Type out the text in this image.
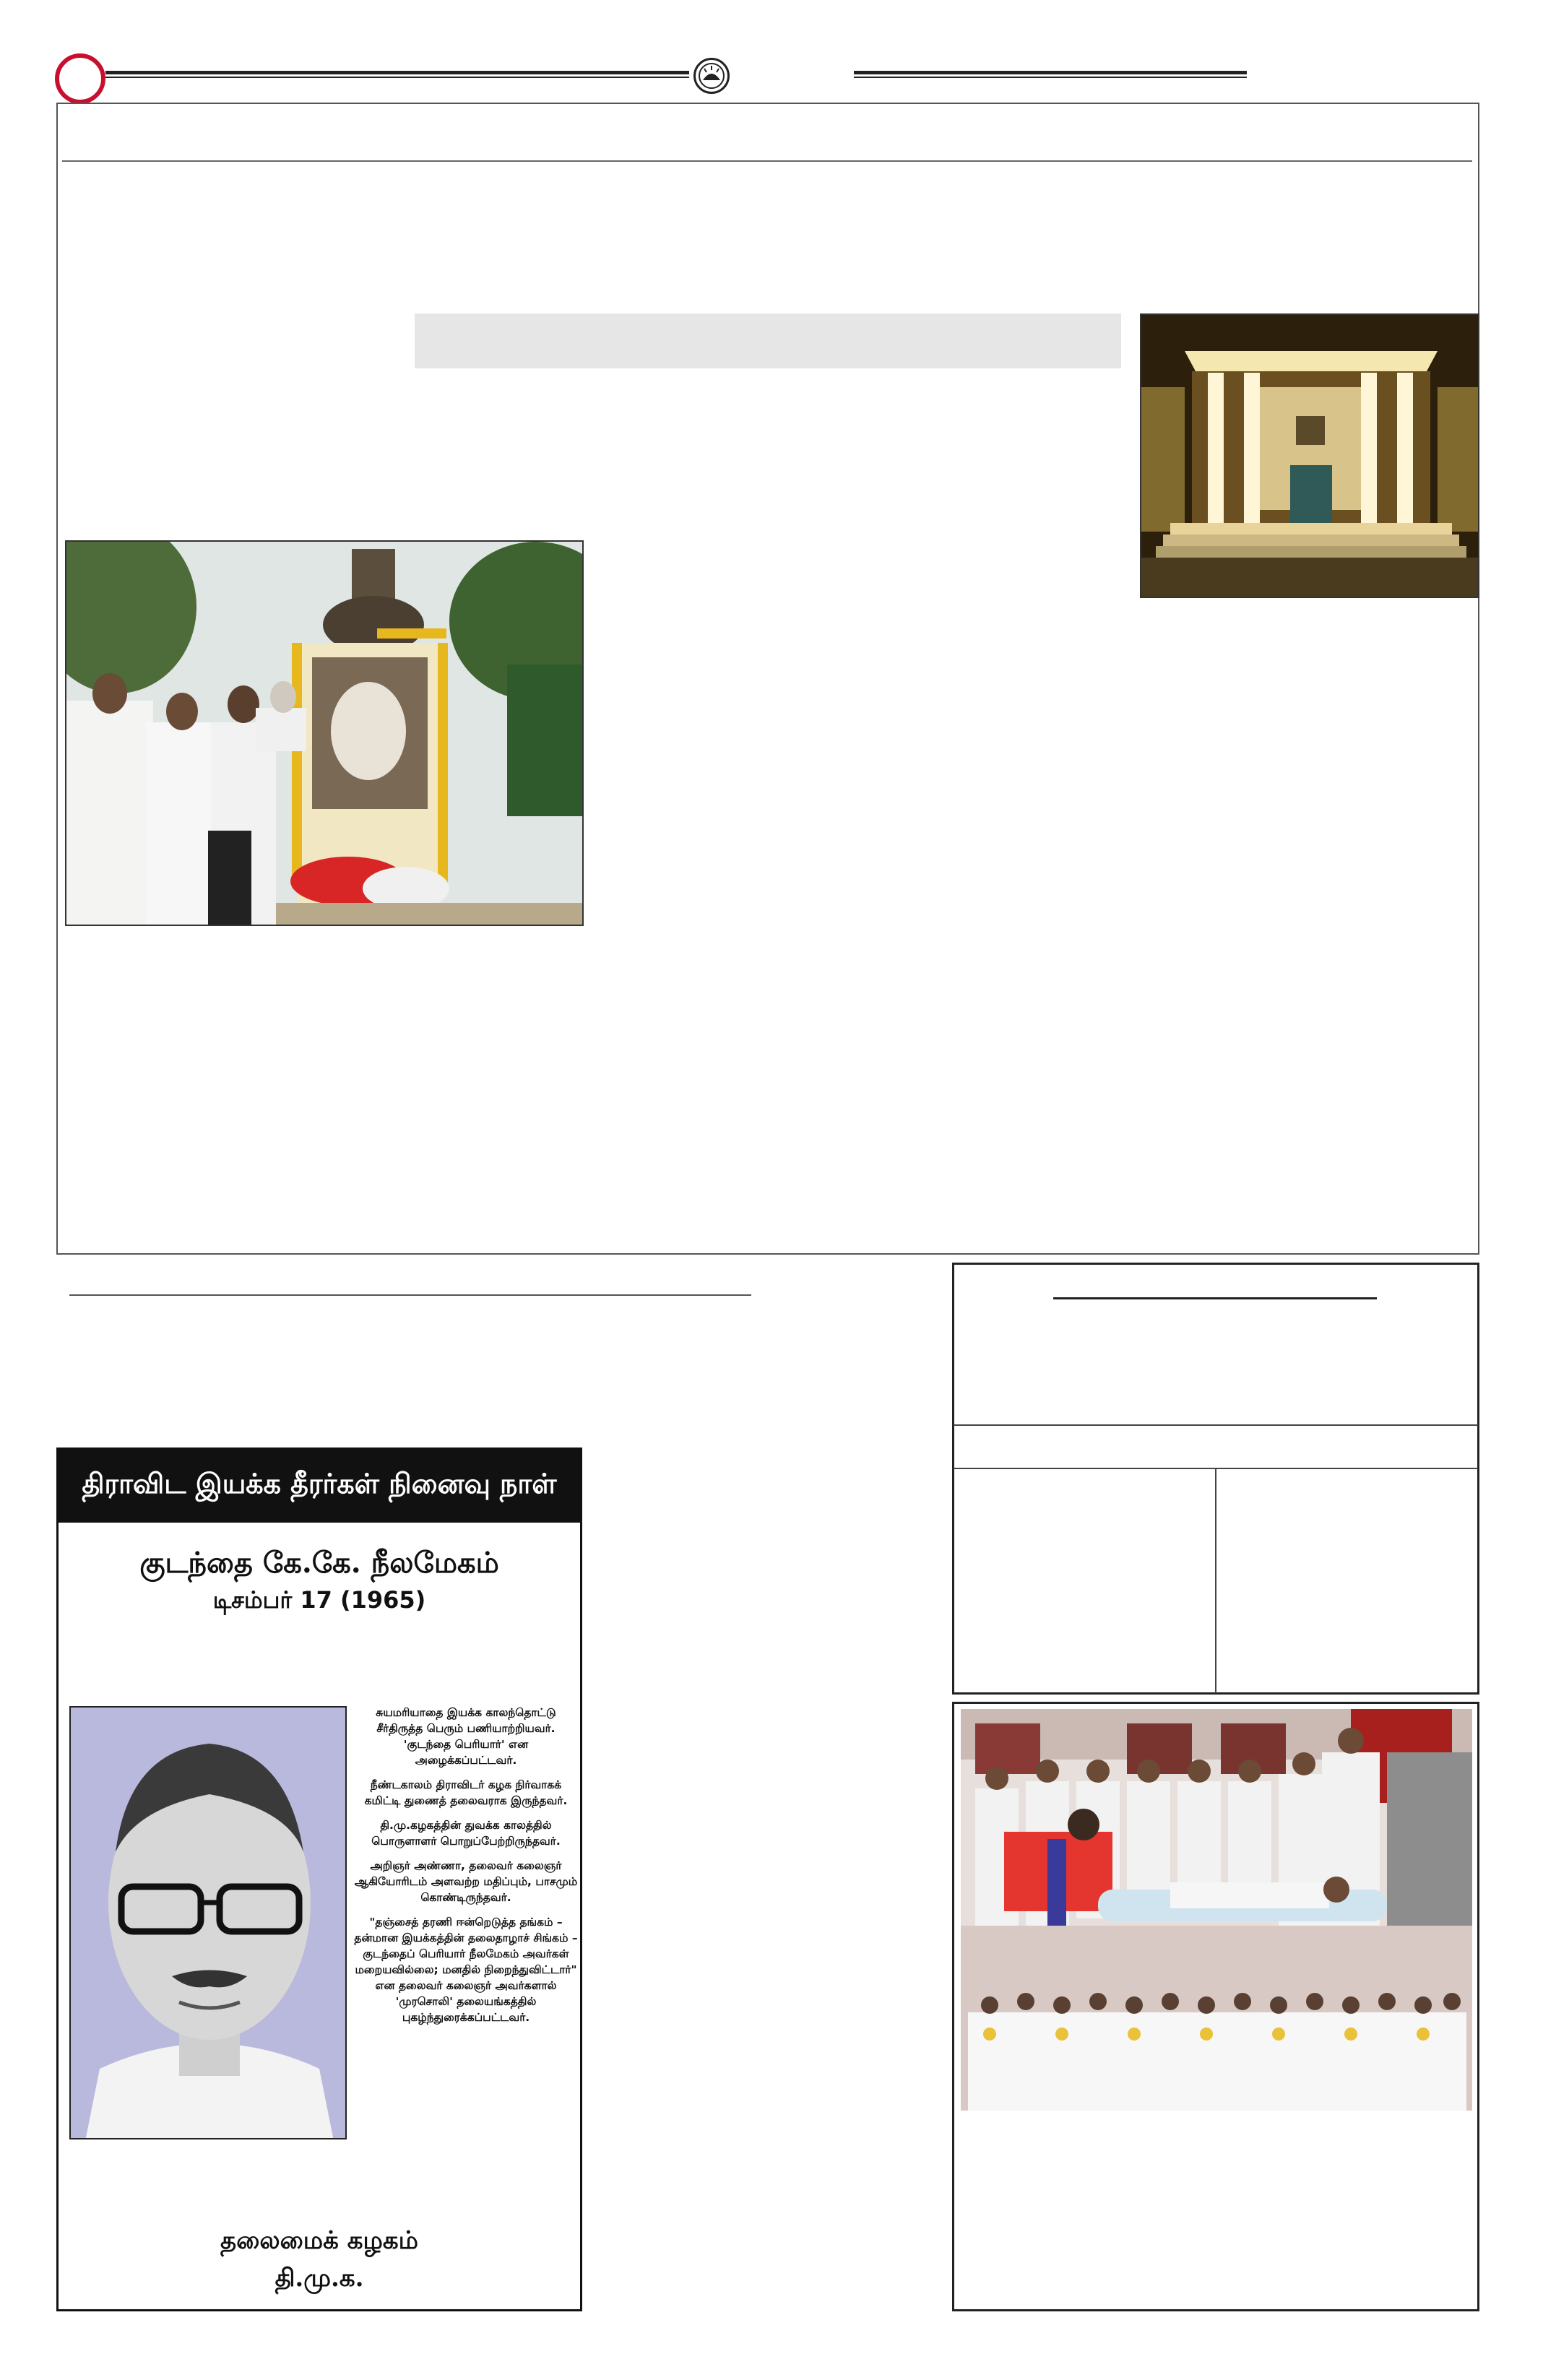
திராவிட இயக்க தீரர்கள் நினைவு நாள்
குடந்தை கே.கே. நீலமேகம்
டிசம்பர் 17 (1965)

சுயமரியாதை இயக்க காலந்தொட்டு சீர்திருத்த பெரும் பணியாற்றியவர். 'குடந்தை பெரியார்' என அழைக்கப்பட்டவர்.

நீண்டகாலம் திராவிடர் கழக நிர்வாகக் கமிட்டி துணைத் தலைவராக இருந்தவர்.

தி.மு.கழகத்தின் துவக்க காலத்தில் பொருளாளர் பொறுப்பேற்றிருந்தவர்.

அறிஞர் அண்ணா, தலைவர் கலைஞர் ஆகியோரிடம் அளவற்ற மதிப்பும், பாசமும் கொண்டிருந்தவர்.

"தஞ்சைத் தரணி ஈன்றெடுத்த தங்கம் – தன்மான இயக்கத்தின் தலைதாழாச் சிங்கம் – குடந்தைப் பெரியார் நீலமேகம் அவர்கள் மறையவில்லை; மனதில் நிறைந்துவிட்டார்" என தலைவர் கலைஞர் அவர்களால் 'முரசொலி' தலையங்கத்தில் புகழ்ந்துரைக்கப்பட்டவர்.

தலைமைக் கழகம்
தி.மு.க.
